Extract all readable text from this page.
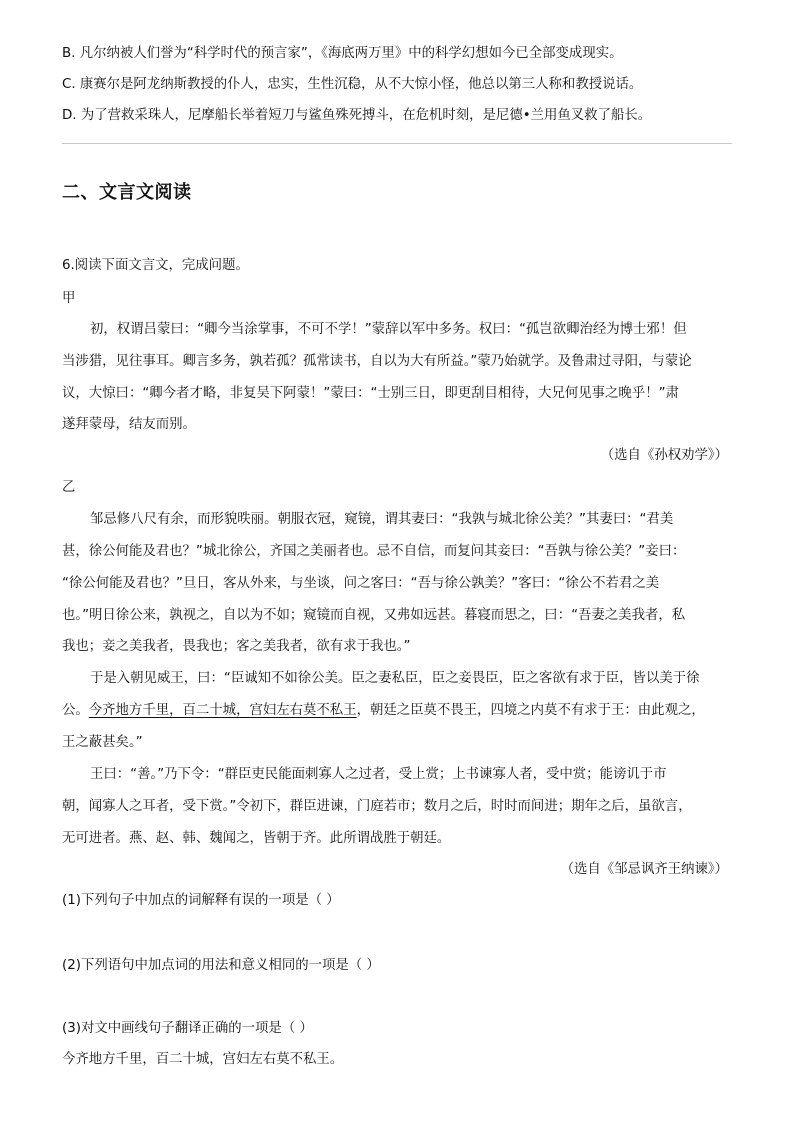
B. 凡尔纳被人们誉为“科学时代的预言家”，《海底两万里》中的科学幻想如今已全部变成现实。
C. 康赛尔是阿龙纳斯教授的仆人，忠实，生性沉稳，从不大惊小怪，他总以第三人称和教授说话。
D. 为了营救采珠人，尼摩船长举着短刀与鲨鱼殊死搏斗，在危机时刻，是尼德•兰用鱼叉救了船长。
二、文言文阅读
6.阅读下面文言文，完成问题。
甲
初，权谓吕蒙曰：“卿今当涂掌事，不可不学！”蒙辞以军中多务。权曰：“孤岂欲卿治经为博士邪！但
当涉猎，见往事耳。卿言多务，孰若孤？孤常读书，自以为大有所益。”蒙乃始就学。及鲁肃过寻阳，与蒙论
议，大惊曰：“卿今者才略，非复吴下阿蒙！”蒙曰：“士别三日，即更刮目相待，大兄何见事之晚乎！”肃
遂拜蒙母，结友而别。
（选自《孙权劝学》）
乙
邹忌修八尺有余，而形貌昳丽。朝服衣冠，窥镜，谓其妻曰：“我孰与城北徐公美？”其妻曰：“君美
甚，徐公何能及君也？”城北徐公，齐国之美丽者也。忌不自信，而复问其妾曰：“吾孰与徐公美？”妾曰：
“徐公何能及君也？”旦日，客从外来，与坐谈，问之客曰：“吾与徐公孰美？”客曰：“徐公不若君之美
也。”明日徐公来，孰视之，自以为不如；窥镜而自视，又弗如远甚。暮寝而思之，曰：“吾妻之美我者，私
我也；妾之美我者，畏我也；客之美我者，欲有求于我也。”
于是入朝见威王，曰：“臣诚知不如徐公美。臣之妻私臣，臣之妾畏臣，臣之客欲有求于臣，皆以美于徐
公。今齐地方千里，百二十城，宫妇左右莫不私王，朝廷之臣莫不畏王，四境之内莫不有求于王：由此观之，
王之蔽甚矣。”
王曰：“善。”乃下令：“群臣吏民能面刺寡人之过者，受上赏；上书谏寡人者，受中赏；能谤讥于市
朝，闻寡人之耳者，受下赏。”令初下，群臣进谏，门庭若市；数月之后，时时而间进；期年之后，虽欲言，
无可进者。燕、赵、韩、魏闻之，皆朝于齐。此所谓战胜于朝廷。
（选自《邹忌讽齐王纳谏》）
(1)下列句子中加点的词解释有误的一项是（ ）
(2)下列语句中加点词的用法和意义相同的一项是（ ）
(3)对文中画线句子翻译正确的一项是（ ）
今齐地方千里，百二十城，宫妇左右莫不私王。
